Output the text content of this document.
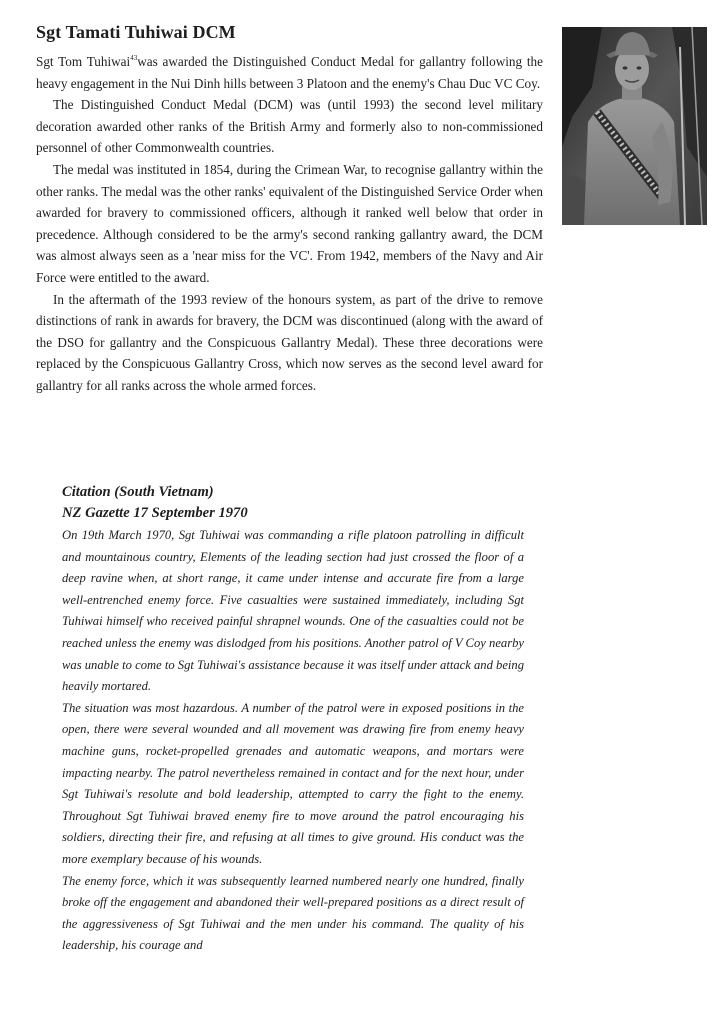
Sgt Tamati Tuhiwai DCM

Sgt Tom Tuhiwai$^{43}$was awarded the Distinguished Conduct Medal for gallantry following the heavy engagement in the Nui Dinh hills between 3 Platoon and the enemy's Chau Duc VC Coy.

The Distinguished Conduct Medal (DCM) was (until 1993) the second level military decoration awarded other ranks of the British Army and formerly also to non-commissioned personnel of other Commonwealth countries.

The medal was instituted in 1854, during the Crimean War, to recognise gallantry within the other ranks. The medal was the other ranks' equivalent of the Distinguished Service Order when awarded for bravery to commissioned officers, although it ranked well below that order in precedence. Although considered to be the army's second ranking gallantry award, the DCM was almost always seen as a 'near miss for the VC'. From 1942, members of the Navy and Air Force were entitled to the award.

In the aftermath of the 1993 review of the honours system, as part of the drive to remove distinctions of rank in awards for bravery, the DCM was discontinued (along with the award of the DSO for gallantry and the Conspicuous Gallantry Medal). These three decorations were replaced by the Conspicuous Gallantry Cross, which now serves as the second level award for gallantry for all ranks across the whole armed forces.

Citation (South Vietnam)

NZ Gazette 17 September 1970

On 19th March 1970, Sgt Tuhiwai was commanding a rifle platoon patrolling in difficult and mountainous country, Elements of the leading section had just crossed the floor of a deep ravine when, at short range, it came under intense and accurate fire from a large well-entrenched enemy force. Five casualties were sustained immediately, including Sgt Tuhiwai himself who received painful shrapnel wounds. One of the casualties could not be reached unless the enemy was dislodged from his positions. Another patrol of V Coy nearby was unable to come to Sgt Tuhiwai's assistance because it was itself under attack and being heavily mortared.

The situation was most hazardous. A number of the patrol were in exposed positions in the open, there were several wounded and all movement was drawing fire from enemy heavy machine guns, rocket-propelled grenades and automatic weapons, and mortars were impacting nearby. The patrol nevertheless remained in contact and for the next hour, under Sgt Tuhiwai's resolute and bold leadership, attempted to carry the fight to the enemy. Throughout Sgt Tuhiwai braved enemy fire to move around the patrol encouraging his soldiers, directing their fire, and refusing at all times to give ground. His conduct was the more exemplary because of his wounds.

The enemy force, which it was subsequently learned numbered nearly one hundred, finally broke off the engagement and abandoned their well-prepared positions as a direct result of the aggressiveness of Sgt Tuhiwai and the men under his command. The quality of his leadership, his courage and
